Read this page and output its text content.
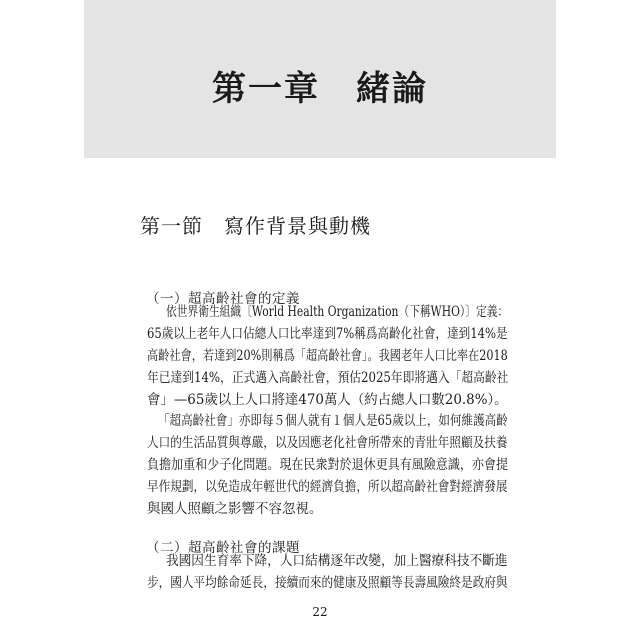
第一章　緒論
第一節　寫作背景與動機
（一）超高齡社會的定義
依世界衛生組織〔World Health Organization（下稱WHO）〕定義：
65歲以上老年人口佔總人口比率達到7%稱爲高齡化社會，達到14%是
高齡社會，若達到20%則稱爲「超高齡社會」。我國老年人口比率在2018
年已達到14%，正式邁入高齡社會，預估2025年即將邁入「超高齡社
會」—65歲以上人口將達470萬人（約占總人口數20.8%）。
「超高齡社會」亦即每５個人就有１個人是65歲以上，如何維護高齡
人口的生活品質與尊嚴，以及因應老化社會所帶來的青壯年照顧及扶養
負擔加重和少子化問題。現在民衆對於退休更具有風險意識，亦會提
早作規劃，以免造成年輕世代的經濟負擔，所以超高齡社會對經濟發展
與國人照顧之影響不容忽視。
（二）超高齡社會的課題
我國因生育率下降，人口結構逐年改變，加上醫療科技不斷進
步，國人平均餘命延長，接續而來的健康及照顧等長壽風險終是政府與
22
